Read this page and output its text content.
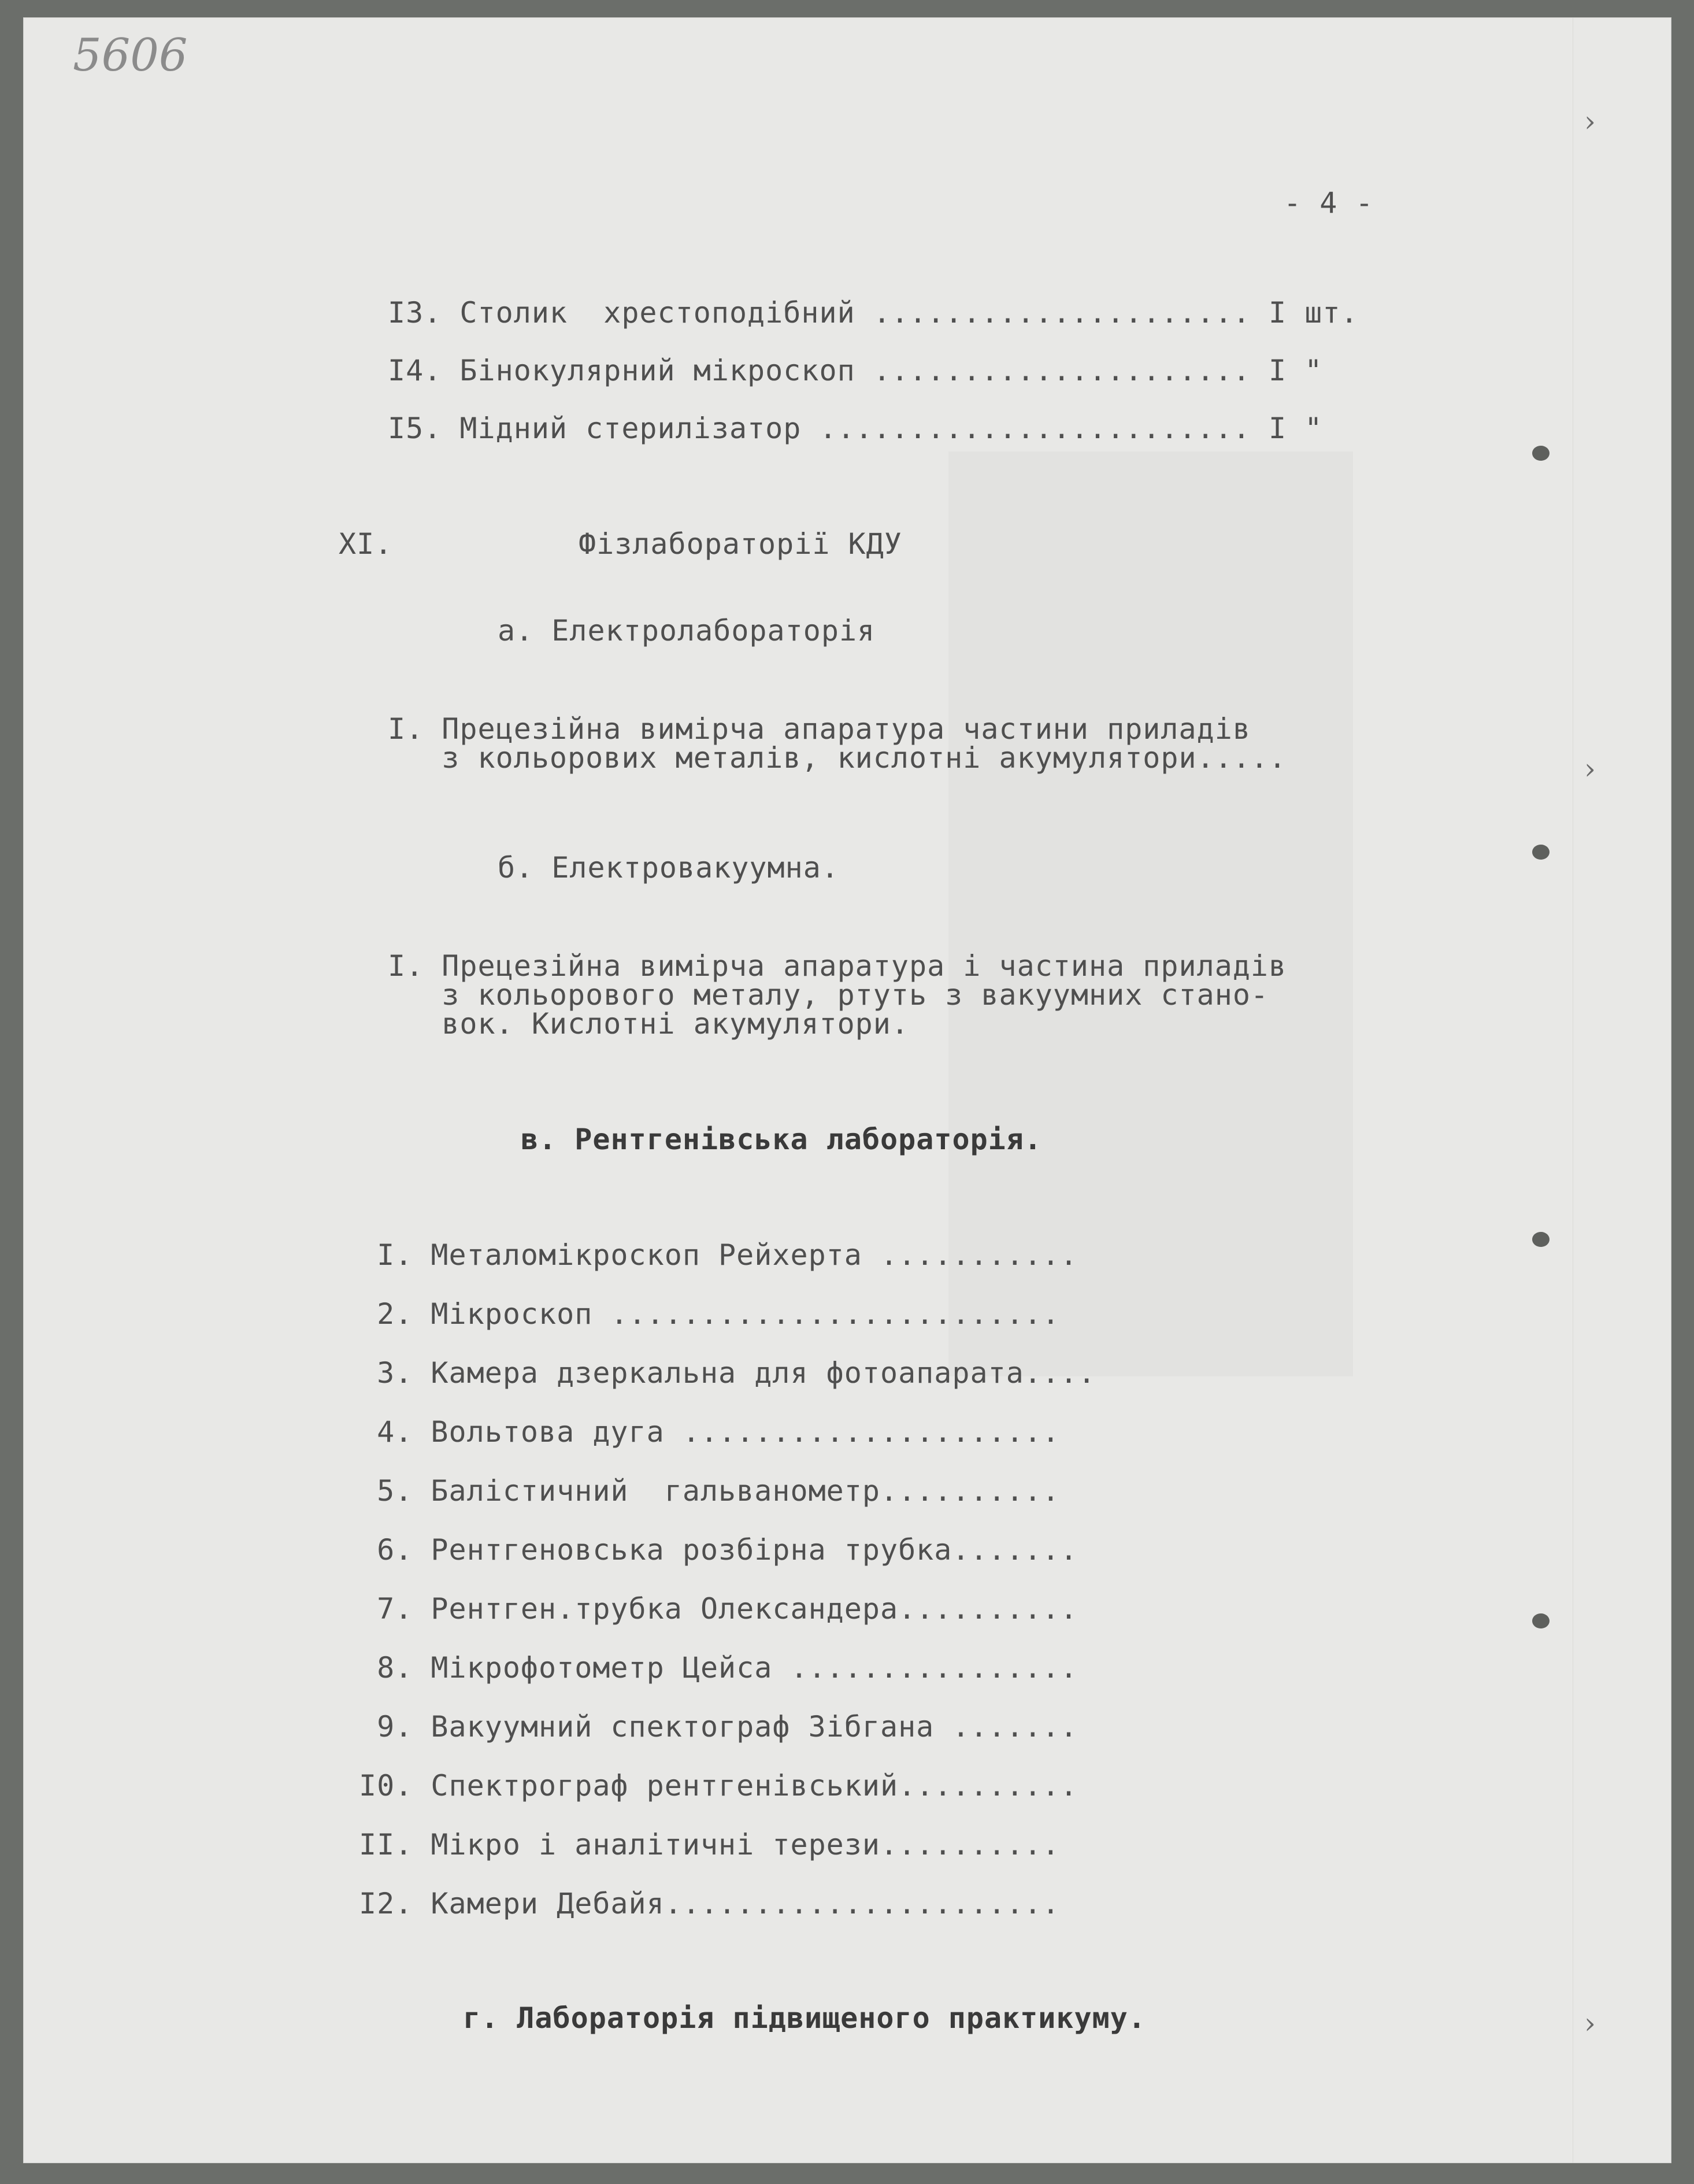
5606
- 4 -
I3. Столик  хрестоподібний ..................... I шт.
I4. Бінокулярний мікроскоп ..................... I "
I5. Мідний стерилізатор ........................ I "
XI.	Фізлабораторії КДУ
а. Електролабораторія
I. Прецезійна вимірча апаратура частини приладів
з кольорових металів, кислотні акумулятори.....
б. Електровакуумна.
I. Прецезійна вимірча апаратура і частина приладів
з кольорового металу, ртуть з вакуумних стано-
вок. Кислотні акумулятори.
в. Рентгенівська лабораторія.
I. Металомікроскоп Рейхерта ...........
2. Мікроскоп .........................
3. Камера дзеркальна для фотоапарата....
4. Вольтова дуга .....................
5. Балістичний  гальванометр..........
6. Рентгеновська розбірна трубка.......
7. Рентген.трубка Олександера..........
8. Мікрофотометр Цейса ................
9. Вакуумний спектограф Зібгана .......
I0. Спектрограф рентгенівський..........
II. Мікро і аналітичні терези..........
I2. Камери Дебайя......................
г. Лабораторія підвищеного практикуму.
›
›
›
